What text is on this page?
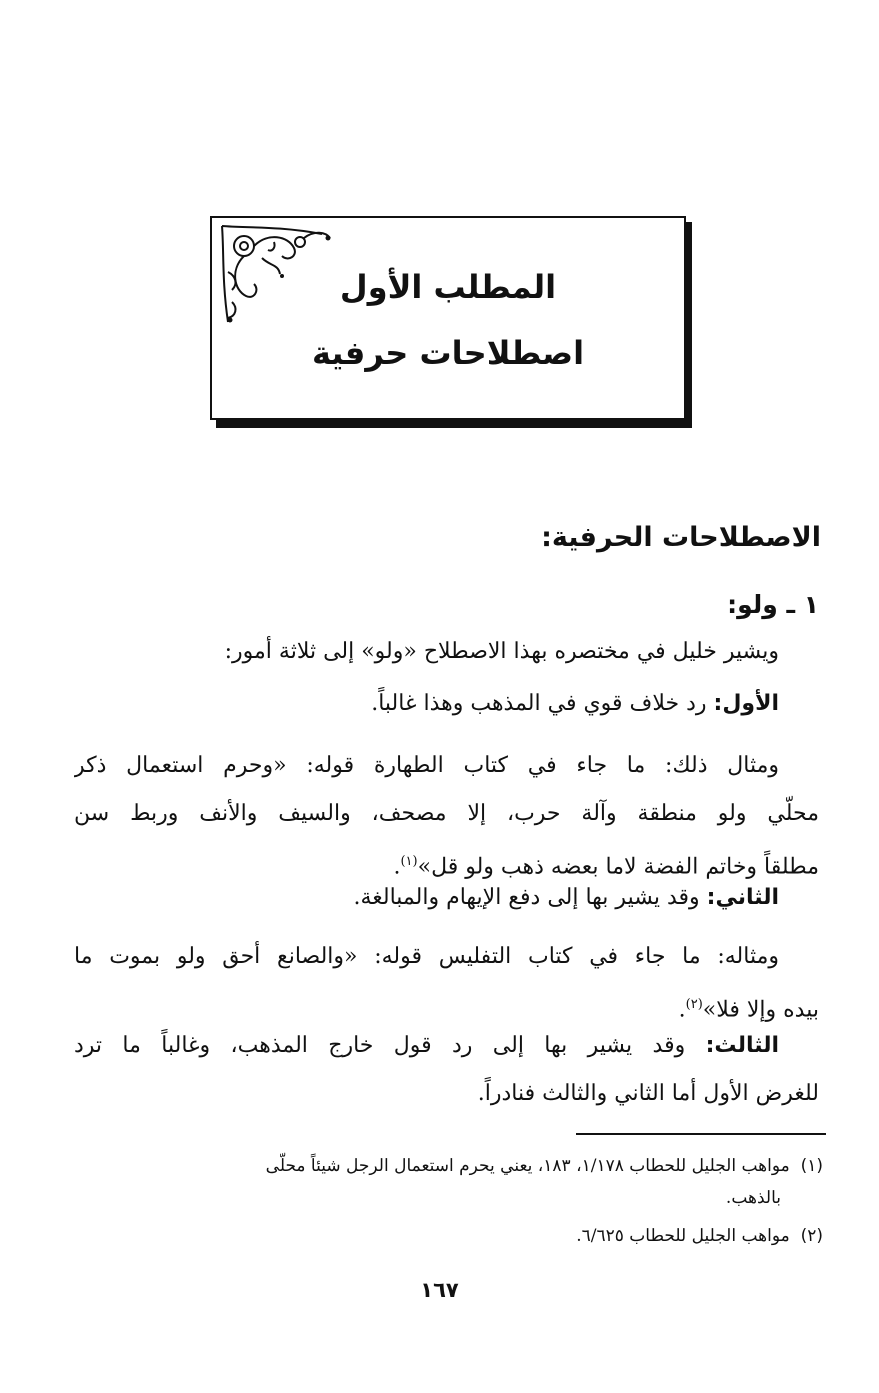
المطلب الأول
اصطلاحات حرفية
الاصطلاحات الحرفية:
١ ـ ولو:
ويشير خليل في مختصره بهذا الاصطلاح «ولو» إلى ثلاثة أمور:
الأول: رد خلاف قوي في المذهب وهذا غالباً.
ومثال ذلك: ما جاء في كتاب الطهارة قوله: «وحرم استعمال ذكر
محلّي ولو منطقة وآلة حرب، إلا مصحف، والسيف والأنف وربط سن
مطلقاً وخاتم الفضة لاما بعضه ذهب ولو قل»$^{(١)}$.
الثاني: وقد يشير بها إلى دفع الإيهام والمبالغة.
ومثاله: ما جاء في كتاب التفليس قوله: «والصانع أحق ولو بموت ما
بيده وإلا فلا»$^{(٢)}$.
الثالث: وقد يشير بها إلى رد قول خارج المذهب، وغالباً ما ترد
للغرض الأول أما الثاني والثالث فنادراً.
(١)  مواهب الجليل للحطاب ١/١٧٨، ١٨٣، يعني يحرم استعمال الرجل شيئاً محلّى
بالذهب.
(٢)  مواهب الجليل للحطاب ٦/٦٢٥.
١٦٧
